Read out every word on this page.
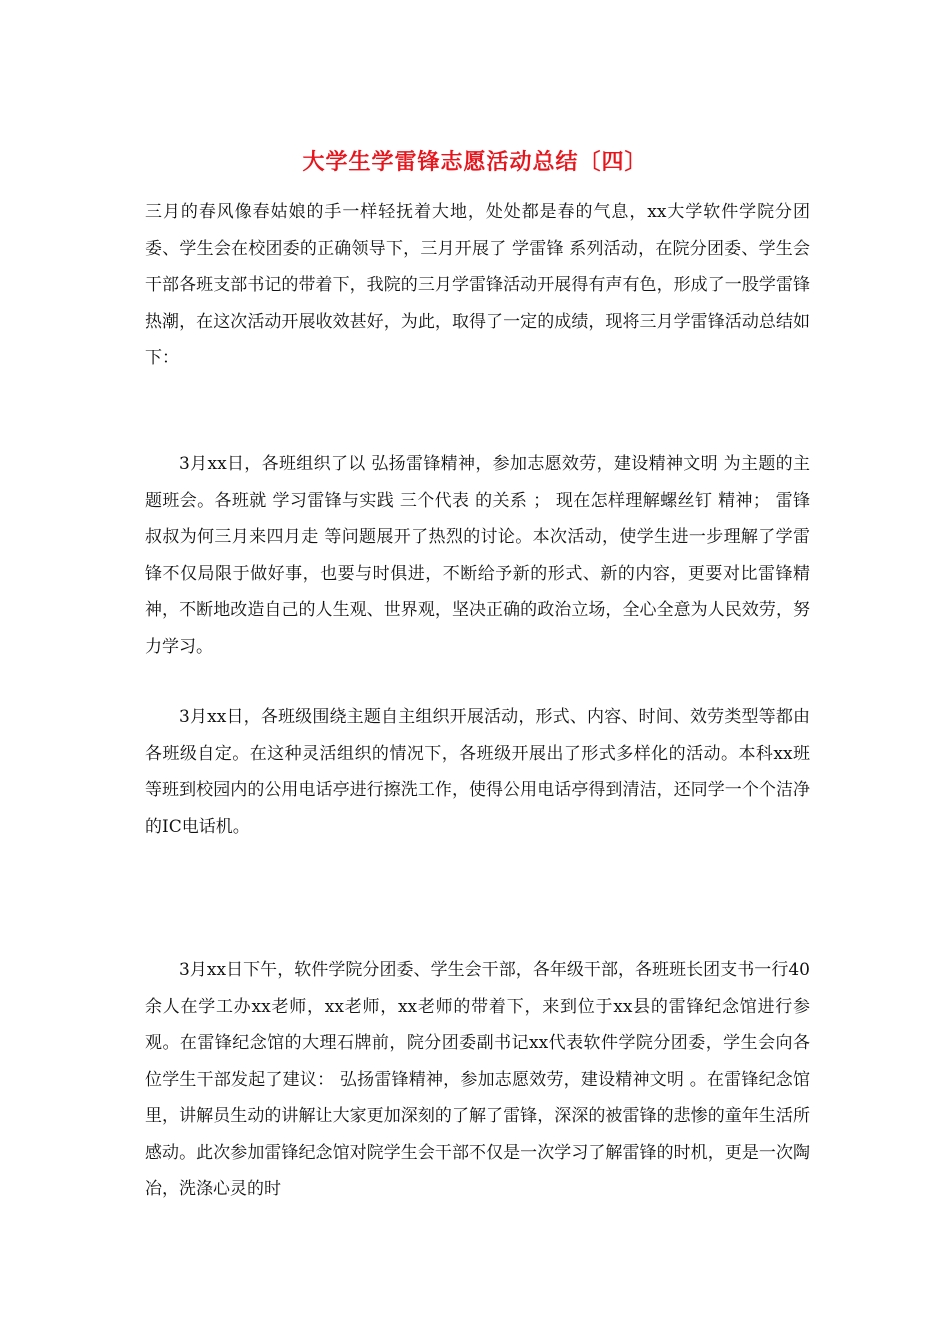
大学生学雷锋志愿活动总结〔四〕

三月的春风像春姑娘的手一样轻抚着大地，处处都是春的气息，xx大学软件学院分团委、学生会在校团委的正确领导下，三月开展了 学雷锋 系列活动，在院分团委、学生会干部各班支部书记的带着下，我院的三月学雷锋活动开展得有声有色，形成了一股学雷锋热潮，在这次活动开展收效甚好，为此，取得了一定的成绩，现将三月学雷锋活动总结如下：

3月xx日，各班组织了以 弘扬雷锋精神，参加志愿效劳，建设精神文明 为主题的主题班会。各班就 学习雷锋与实践 三个代表 的关系 ； 现在怎样理解螺丝钉 精神； 雷锋叔叔为何三月来四月走 等问题展开了热烈的讨论。本次活动，使学生进一步理解了学雷锋不仅局限于做好事，也要与时俱进，不断给予新的形式、新的内容，更要对比雷锋精神，不断地改造自己的人生观、世界观，坚决正确的政治立场，全心全意为人民效劳，努力学习。

3月xx日，各班级围绕主题自主组织开展活动，形式、内容、时间、效劳类型等都由各班级自定。在这种灵活组织的情况下，各班级开展出了形式多样化的活动。本科xx班等班到校园内的公用电话亭进行擦洗工作，使得公用电话亭得到清洁，还同学一个个洁净的IC电话机。

3月xx日下午，软件学院分团委、学生会干部，各年级干部，各班班长团支书一行40余人在学工办xx老师，xx老师，xx老师的带着下，来到位于xx县的雷锋纪念馆进行参观。在雷锋纪念馆的大理石牌前，院分团委副书记xx代表软件学院分团委，学生会向各位学生干部发起了建议： 弘扬雷锋精神，参加志愿效劳，建设精神文明 。在雷锋纪念馆里，讲解员生动的讲解让大家更加深刻的了解了雷锋，深深的被雷锋的悲惨的童年生活所感动。此次参加雷锋纪念馆对院学生会干部不仅是一次学习了解雷锋的时机，更是一次陶冶，洗涤心灵的时
